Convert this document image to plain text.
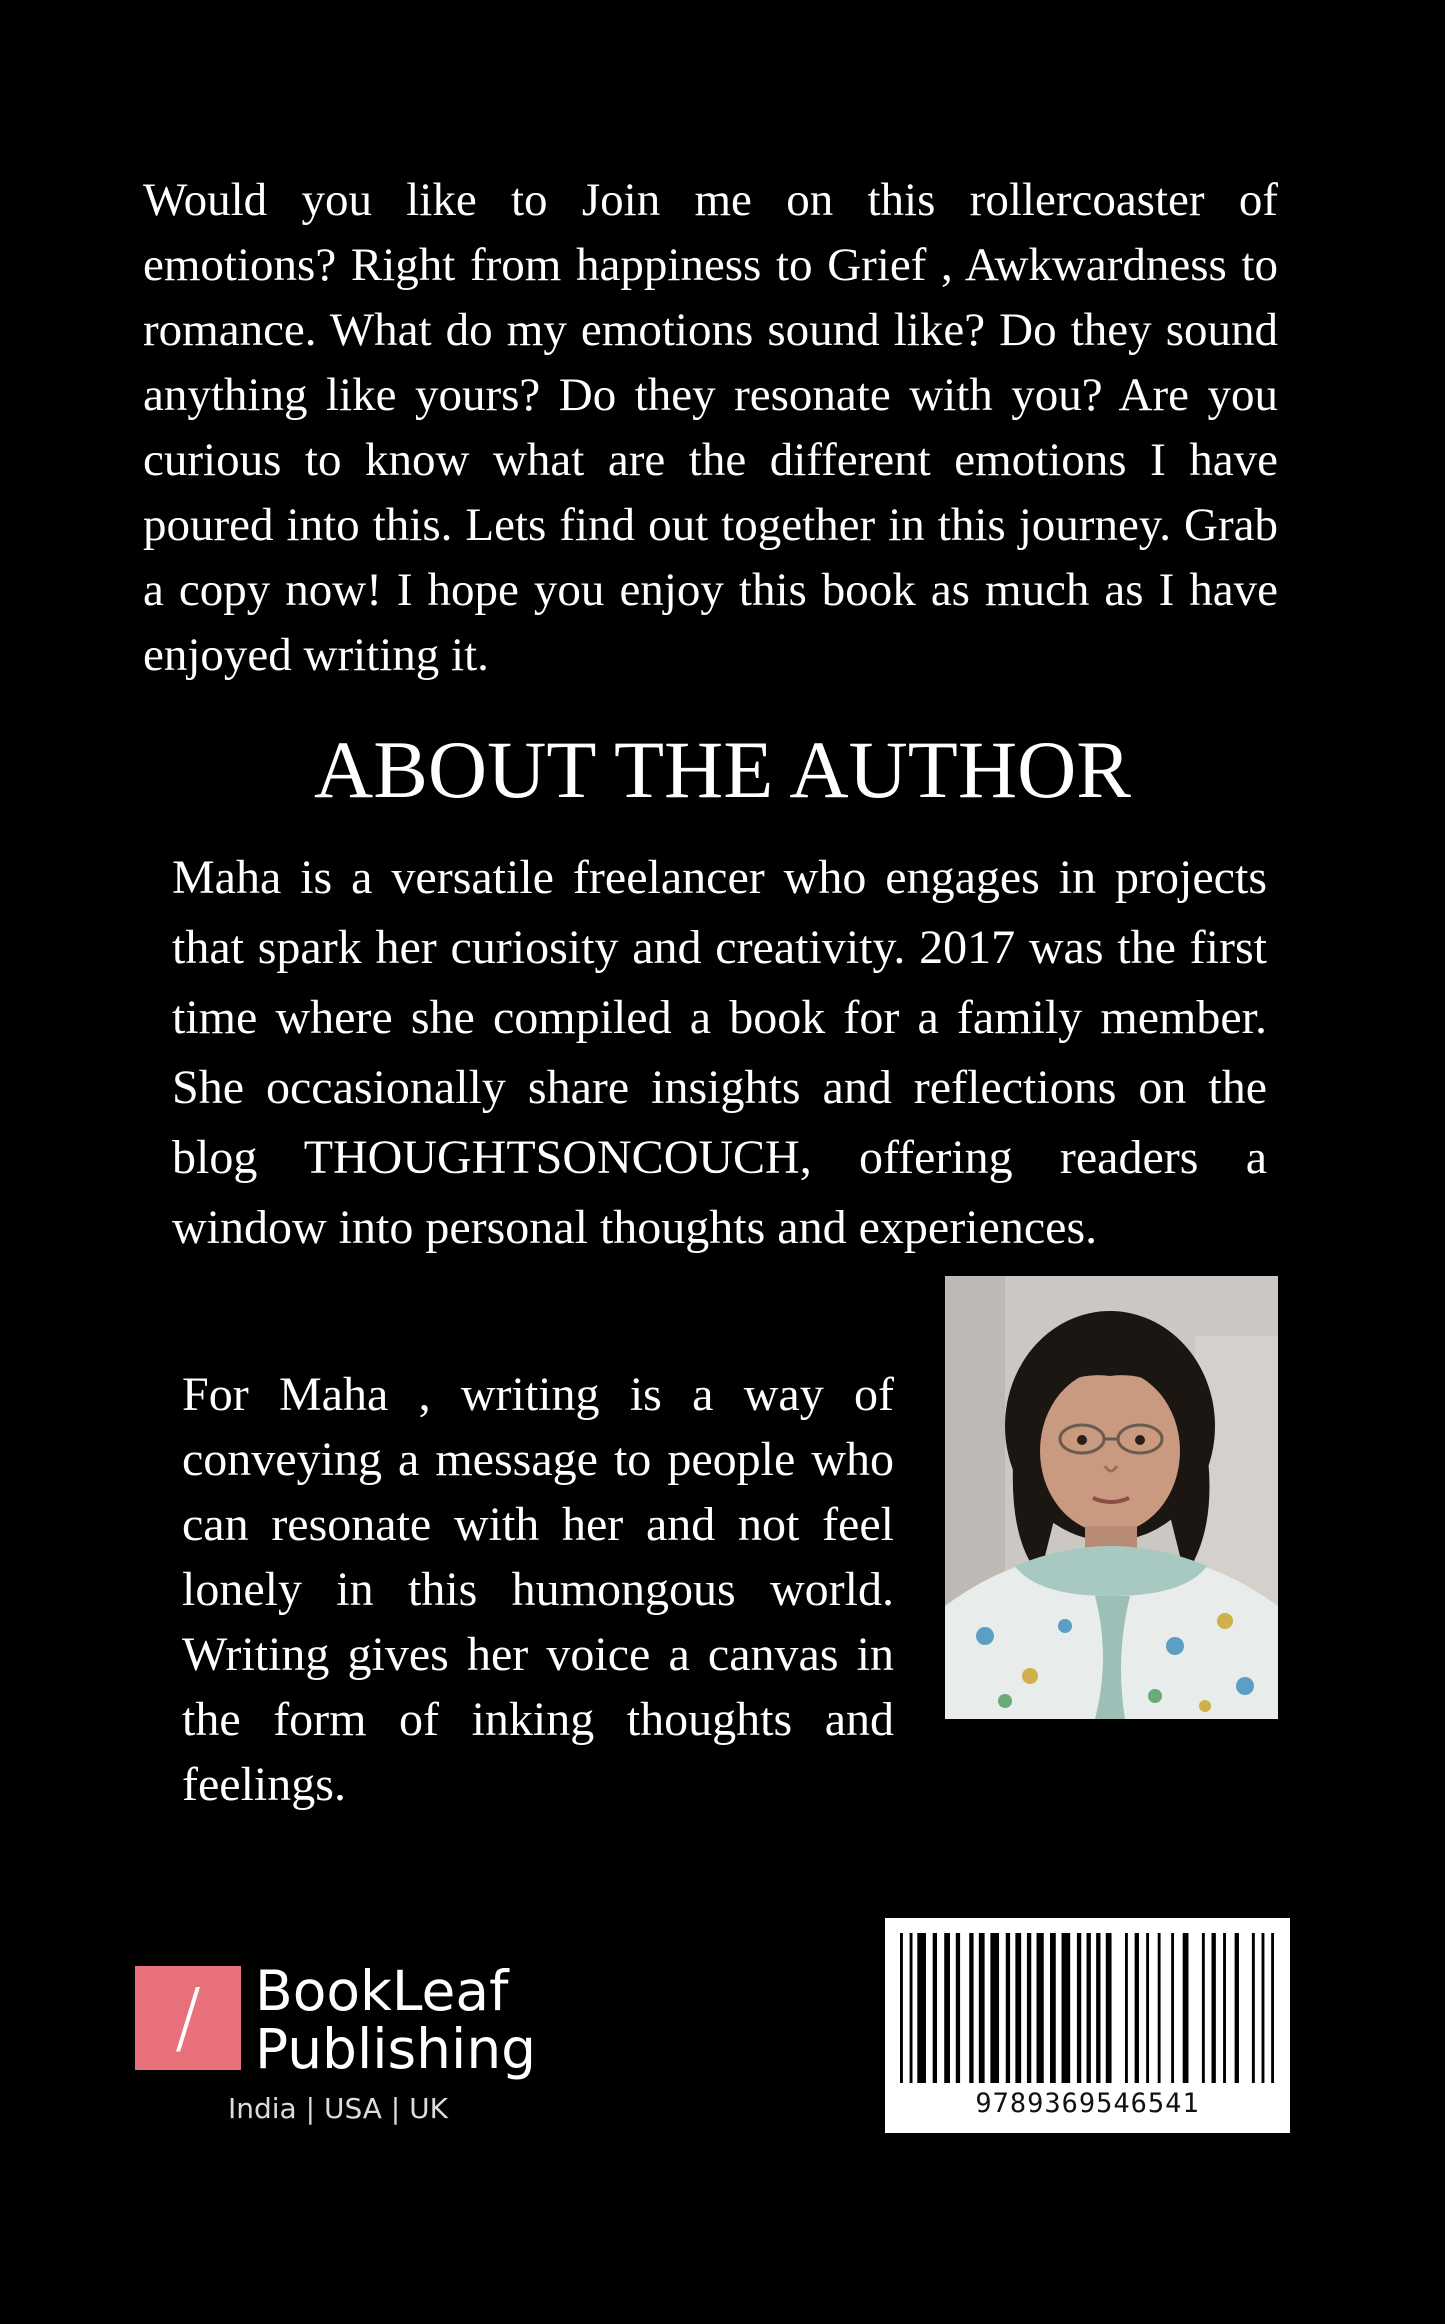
Would you like to Join me on this rollercoaster of emotions? Right from happiness to Grief , Awkwardness to romance. What do my emotions sound like? Do they sound anything like yours? Do they resonate with you? Are you curious to know what are the different emotions I have poured into this. Lets find out together in this journey. Grab a copy now! I hope you enjoy this book as much as I have enjoyed writing it.

ABOUT THE AUTHOR

Maha is a versatile freelancer who engages in projects that spark her curiosity and creativity. 2017 was the first time where she compiled a book for a family member. She occasionally share insights and reflections on the blog THOUGHTSONCOUCH, offering readers a window into personal thoughts and experiences.

For Maha , writing is a way of conveying a message to people who can resonate with her and not feel lonely in this humongous world. Writing gives her voice a canvas in the form of inking thoughts and feelings.

/ BookLeaf
Publishing
India | USA | UK	9789369546541
